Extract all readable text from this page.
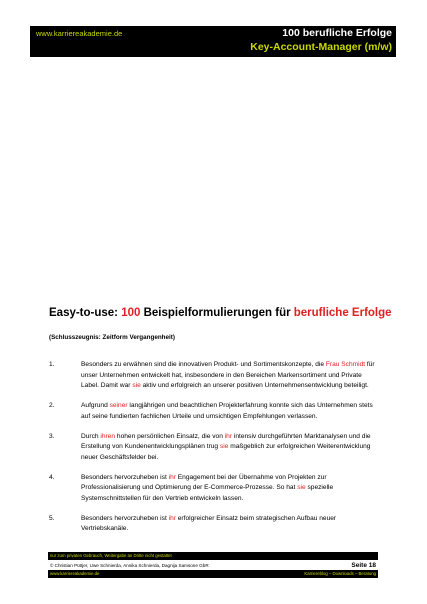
www.karriereakademie.de	100 berufliche Erfolge
Key-Account-Manager (m/w)
Easy-to-use: 100 Beispielformulierungen für berufliche Erfolge
(Schlusszeugnis: Zeitform Vergangenheit)
1.	Besonders zu erwähnen sind die innovativen Produkt- und Sortimentskonzepte, die Frau Schmidt für unser Unternehmen entwickelt hat, insbesondere in den Bereichen Markensortiment und Private Label. Damit war sie aktiv und erfolgreich an unserer positiven Unternehmensentwicklung beteiligt.
2.	Aufgrund seiner langjährigen und beachtlichen Projekterfahrung konnte sich das Unternehmen stets auf seine fundierten fachlichen Urteile und umsichtigen Empfehlungen verlassen.
3.	Durch ihren hohen persönlichen Einsatz, die von ihr intensiv durchgeführten Marktanalysen und die Erstellung von Kundenentwicklungsplänen trug sie maßgeblich zur erfolgreichen Weiterentwicklung neuer Geschäftsfelder bei.
4.	Besonders hervorzuheben ist ihr Engagement bei der Übernahme von Projekten zur Professionalisierung und Optimierung der E-Commerce-Prozesse. So hat sie spezielle Systemschnittstellen für den Vertrieb entwickeln lassen.
5.	Besonders hervorzuheben ist ihr erfolgreicher Einsatz beim strategischen Aufbau neuer Vertriebskanäle.
nur zum privaten Gebrauch, Weitergabe an Dritte nicht gestattet
© Christian Püttjer, Uwe Schnierda, Annika Schnierda, Dagnija Samsone GbR	Seite 18
www.karriereakademie.de	Karriereblog – Downloads – Beratung
